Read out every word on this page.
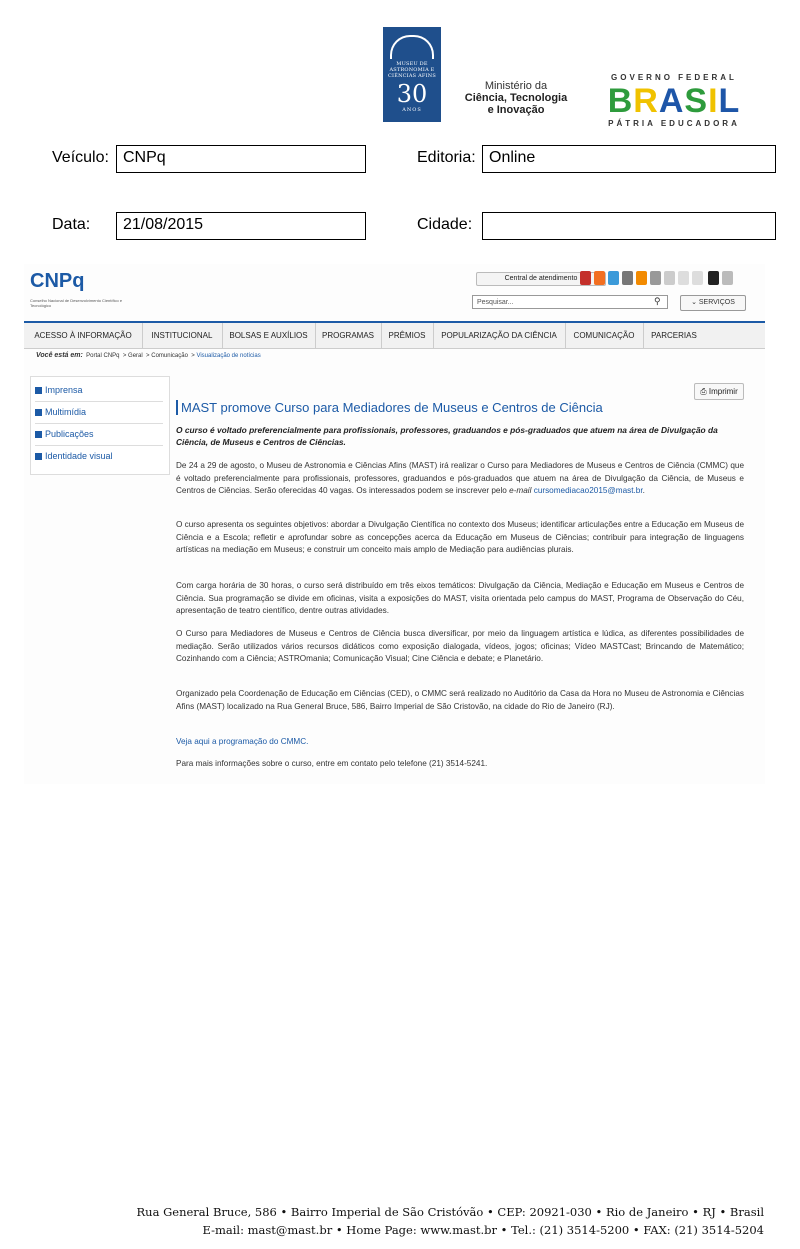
MUSEU DE ASTRONOMIA E CIÊNCIAS AFINS
30
ANOS
Ministério da
Ciência, Tecnologia
e Inovação
GOVERNO FEDERAL
BRASIL
PÁTRIA EDUCADORA
Veículo: CNPq	Editoria: Online
Data:	21/08/2015	Cidade:
CNPq
Conselho Nacional de Desenvolvimento Científico e Tecnológico
Central de atendimento
Pesquisar...	⚲	⌄ SERVIÇOS
ACESSO À INFORMAÇÃO	INSTITUCIONAL	BOLSAS E AUXÍLIOS	PROGRAMAS	PRÊMIOS	POPULARIZAÇÃO DA CIÊNCIA	COMUNICAÇÃO	PARCERIAS
Você está em: Portal CNPq  > Geral  > Comunicação  > Visualização de notícias
Imprensa
Multimídia
Publicações
Identidade visual
⎙ Imprimir
MAST promove Curso para Mediadores de Museus e Centros de Ciência
O curso é voltado preferencialmente para profissionais, professores, graduandos e pós-graduados que atuem na área de Divulgação da Ciência, de Museus e Centros de Ciências.
De 24 a 29 de agosto, o Museu de Astronomia e Ciências Afins (MAST) irá realizar o Curso para Mediadores de Museus e Centros de Ciência (CMMC) que é voltado preferencialmente para profissionais, professores, graduandos e pós-graduados que atuem na área de Divulgação da Ciência, de Museus e Centros de Ciências. Serão oferecidas 40 vagas. Os interessados podem se inscrever pelo e-mail cursomediacao2015@mast.br.
O curso apresenta os seguintes objetivos: abordar a Divulgação Científica no contexto dos Museus; identificar articulações entre a Educação em Museus de Ciência e a Escola; refletir e aprofundar sobre as concepções acerca da Educação em Museus de Ciências; contribuir para integração de linguagens artísticas na mediação em Museus; e construir um conceito mais amplo de Mediação para audiências plurais.
Com carga horária de 30 horas, o curso será distribuído em três eixos temáticos: Divulgação da Ciência, Mediação e Educação em Museus e Centros de Ciência. Sua programação se divide em oficinas, visita a exposições do MAST, visita orientada pelo campus do MAST, Programa de Observação do Céu, apresentação de teatro científico, dentre outras atividades.
O Curso para Mediadores de Museus e Centros de Ciência busca diversificar, por meio da linguagem artística e lúdica, as diferentes possibilidades de mediação. Serão utilizados vários recursos didáticos como exposição dialogada, vídeos, jogos; oficinas; Vídeo MASTCast; Brincando de Matemático; Cozinhando com a Ciência; ASTROmania; Comunicação Visual; Cine Ciência e debate; e Planetário.
Organizado pela Coordenação de Educação em Ciências (CED), o CMMC será realizado no Auditório da Casa da Hora no Museu de Astronomia e Ciências Afins (MAST) localizado na Rua General Bruce, 586, Bairro Imperial de São Cristovão, na cidade do Rio de Janeiro (RJ).
Veja aqui a programação do CMMC.
Para mais informações sobre o curso, entre em contato pelo telefone (21) 3514-5241.
Rua General Bruce, 586 • Bairro Imperial de São Cristóvão • CEP: 20921-030 • Rio de Janeiro • RJ • Brasil
E-mail: mast@mast.br • Home Page: www.mast.br • Tel.: (21) 3514-5200 • FAX: (21) 3514-5204
